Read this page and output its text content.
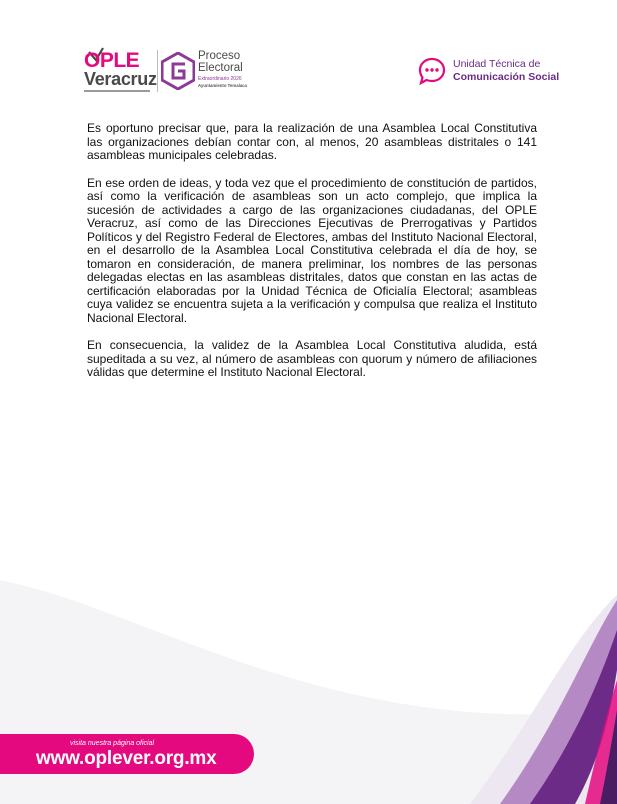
OPLE
Veracruz
Proceso
Electoral
Extraordinario 2026
Ayuntamiento Temalaca
Unidad Técnica de
Comunicación Social

Es oportuno precisar que, para la realización de una Asamblea Local Constitutiva las organizaciones debían contar con, al menos, 20 asambleas distritales o 141 asambleas municipales celebradas.

En ese orden de ideas, y toda vez que el procedimiento de constitución de partidos, así como la verificación de asambleas son un acto complejo, que implica la sucesión de actividades a cargo de las organizaciones ciudadanas, del OPLE Veracruz, así como de las Direcciones Ejecutivas de Prerrogativas y Partidos Políticos y del Registro Federal de Electores, ambas del Instituto Nacional Electoral, en el desarrollo de la Asamblea Local Constitutiva celebrada el día de hoy, se tomaron en consideración, de manera preliminar, los nombres de las personas delegadas electas en las asambleas distritales, datos que constan en las actas de certificación elaboradas por la Unidad Técnica de Oficialía Electoral; asambleas cuya validez se encuentra sujeta a la verificación y compulsa que realiza el Instituto Nacional Electoral.

En consecuencia, la validez de la Asamblea Local Constitutiva aludida, está supeditada a su vez, al número de asambleas con quorum y número de afiliaciones válidas que determine el Instituto Nacional Electoral.

visita nuestra página oficial
www.oplever.org.mx
